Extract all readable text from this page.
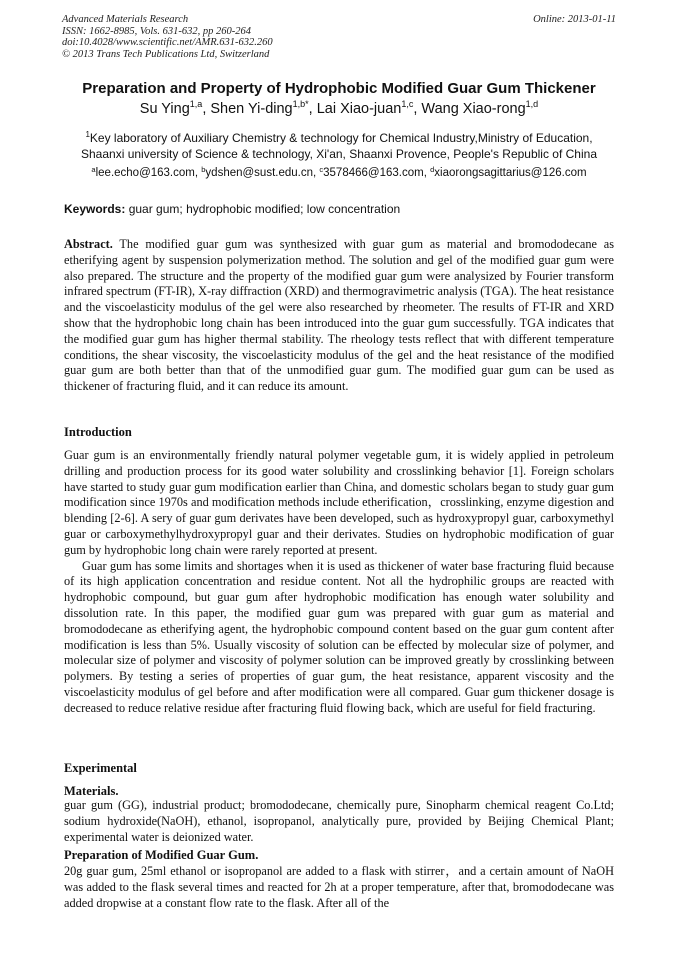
Advanced Materials Research
ISSN: 1662-8985, Vols. 631-632, pp 260-264
doi:10.4028/www.scientific.net/AMR.631-632.260
© 2013 Trans Tech Publications Ltd, Switzerland
Online: 2013-01-11
Preparation and Property of Hydrophobic Modified Guar Gum Thickener
Su Ying$^{1,a}$, Shen Yi-ding$^{1,b*}$, Lai Xiao-juan$^{1,c}$, Wang Xiao-rong$^{1,d}$
$^1$Key laboratory of Auxiliary Chemistry & technology for Chemical Industry,Ministry of Education,
Shaanxi university of Science & technology, Xi'an, Shaanxi Provence, People's Republic of China
$^a$lee.echo@163.com, $^b$ydshen@sust.edu.cn, $^c$3578466@163.com, $^d$xiaorongsagittarius@126.com
Keywords: guar gum; hydrophobic modified; low concentration
Abstract. The modified guar gum was synthesized with guar gum as material and bromododecane as etherifying agent by suspension polymerization method. The solution and gel of the modified guar gum were also prepared. The structure and the property of the modified guar gum were analysized by Fourier transform infrared spectrum (FT-IR), X-ray diffraction (XRD) and thermogravimetric analysis (TGA). The heat resistance and the viscoelasticity modulus of the gel were also researched by rheometer. The results of FT-IR and XRD show that the hydrophobic long chain has been introduced into the guar gum successfully. TGA indicates that the modified guar gum has higher thermal stability. The rheology tests reflect that with different temperature conditions, the shear viscosity, the viscoelasticity modulus of the gel and the heat resistance of the modified guar gum are both better than that of the unmodified guar gum. The modified guar gum can be used as thickener of fracturing fluid, and it can reduce its amount.
Introduction

Guar gum is an environmentally friendly natural polymer vegetable gum, it is widely applied in petroleum drilling and production process for its good water solubility and crosslinking behavior [1]. Foreign scholars have started to study guar gum modification earlier than China, and domestic scholars began to study guar gum modification since 1970s and modification methods include etherification，crosslinking, enzyme digestion and blending [2-6]. A sery of guar gum derivates have been developed, such as hydroxypropyl guar, carboxymethyl guar or carboxymethylhydroxypropyl guar and their derivates. Studies on hydrophobic modification of guar gum by hydrophobic long chain were rarely reported at present.

Guar gum has some limits and shortages when it is used as thickener of water base fracturing fluid because of its high application concentration and residue content. Not all the hydrophilic groups are reacted with hydrophobic compound, but guar gum after hydrophobic modification has enough water solubility and dissolution rate. In this paper, the modified guar gum was prepared with guar gum as material and bromododecane as etherifying agent, the hydrophobic compound content based on the guar gum content after modification is less than 5%. Usually viscosity of solution can be effected by molecular size of polymer, and molecular size of polymer and viscosity of polymer solution can be improved greatly by crosslinking between polymers. By testing a series of properties of guar gum, the heat resistance, apparent viscosity and the viscoelasticity modulus of gel before and after modification were all compared. Guar gum thickener dosage is decreased to reduce relative residue after fracturing fluid flowing back, which are useful for field fracturing.

Experimental
Materials.
guar gum (GG), industrial product; bromododecane, chemically pure, Sinopharm chemical reagent Co.Ltd; sodium hydroxide(NaOH), ethanol, isopropanol, analytically pure, provided by Beijing Chemical Plant; experimental water is deionized water.
Preparation of Modified Guar Gum.
20g guar gum, 25ml ethanol or isopropanol are added to a flask with stirrer，and a certain amount of NaOH was added to the flask several times and reacted for 2h at a proper temperature, after that, bromododecane was added dropwise at a constant flow rate to the flask. After all of the
